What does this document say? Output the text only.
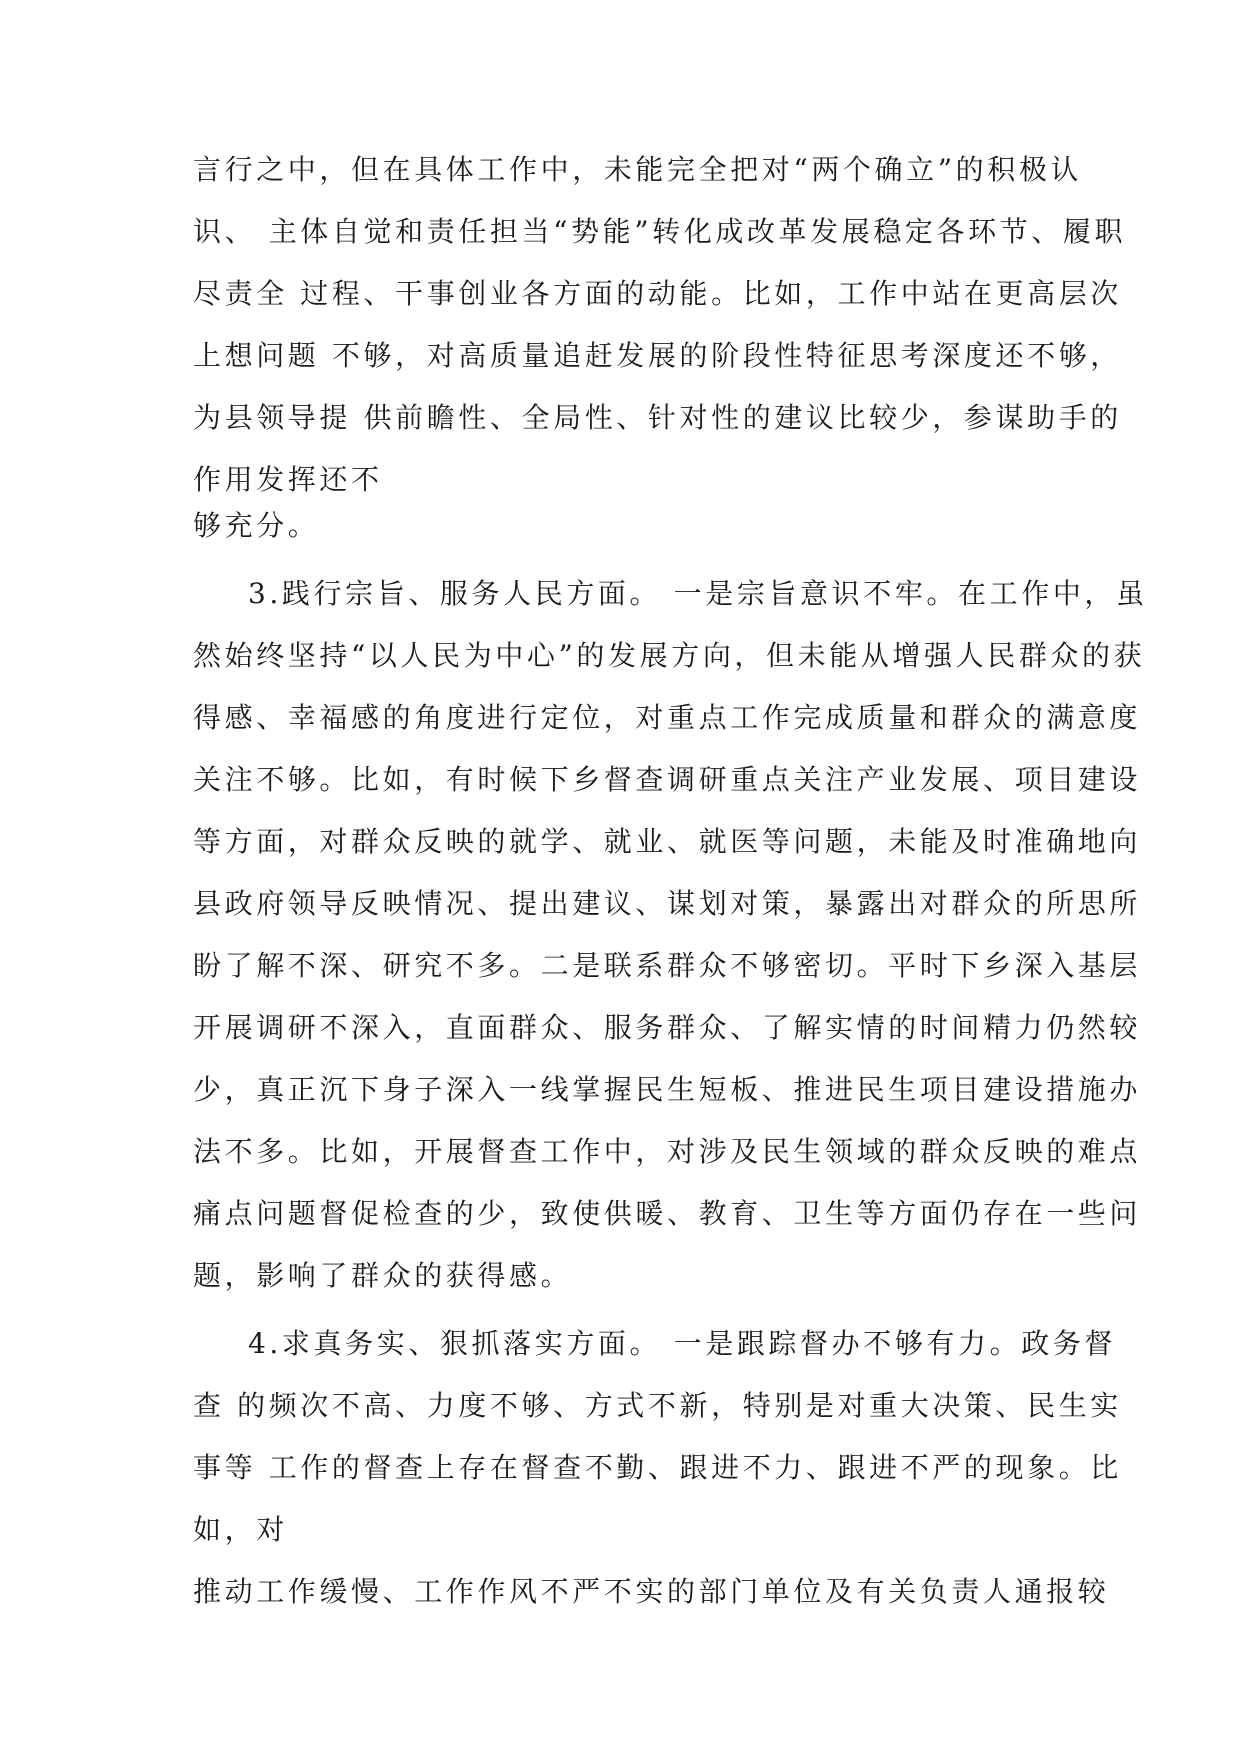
言行之中，但在具体工作中，未能完全把对“两个确立”的积极认
识、 主体自觉和责任担当“势能”转化成改革发展稳定各环节、履职
尽责全 过程、干事创业各方面的动能。比如，工作中站在更高层次
上想问题 不够，对高质量追赶发展的阶段性特征思考深度还不够，
为县领导提 供前瞻性、全局性、针对性的建议比较少，参谋助手的
作用发挥还不
够充分。
3.践行宗旨、服务人民方面。 一是宗旨意识不牢。在工作中，虽
然始终坚持“以人民为中心”的发展方向，但未能从增强人民群众的获
得感、幸福感的角度进行定位，对重点工作完成质量和群众的满意度
关注不够。比如，有时候下乡督查调研重点关注产业发展、项目建设
等方面，对群众反映的就学、就业、就医等问题，未能及时准确地向
县政府领导反映情况、提出建议、谋划对策，暴露出对群众的所思所
盼了解不深、研究不多。二是联系群众不够密切。平时下乡深入基层
开展调研不深入，直面群众、服务群众、了解实情的时间精力仍然较
少，真正沉下身子深入一线掌握民生短板、推进民生项目建设措施办
法不多。比如，开展督查工作中，对涉及民生领域的群众反映的难点
痛点问题督促检查的少，致使供暖、教育、卫生等方面仍存在一些问
题，影响了群众的获得感。
4.求真务实、狠抓落实方面。 一是跟踪督办不够有力。政务督
查 的频次不高、力度不够、方式不新，特别是对重大决策、民生实
事等 工作的督查上存在督查不勤、跟进不力、跟进不严的现象。比
如，对
推动工作缓慢、工作作风不严不实的部门单位及有关负责人通报较
